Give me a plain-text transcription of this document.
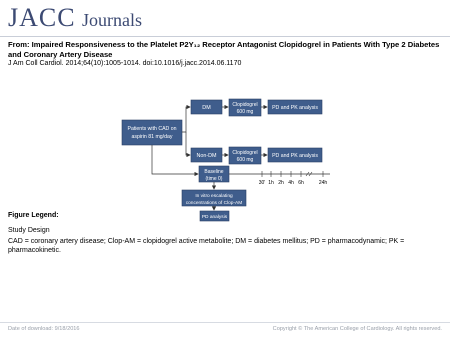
JACC Journals
From: Impaired Responsiveness to the Platelet P2Y₁₂ Receptor Antagonist Clopidogrel in Patients With Type 2 Diabetes and Coronary Artery Disease
J Am Coll Cardiol. 2014;64(10):1005-1014. doi:10.1016/j.jacc.2014.06.1170
Patients with CAD on
aspirin 81 mg/day
DM	Clopidogrel
600 mg
PD and PK analysis
Non-DM	Clopidogrel
600 mg
PD and PK analysis
Baseline
(time 0)
30' 1h 2h 4h 6h	24h
In vitro escalating
concentrations of Clop-AM
PD analysis
Figure Legend:
Study Design
CAD = coronary artery disease; Clop-AM = clopidogrel active metabolite; DM = diabetes mellitus; PD = pharmacodynamic; PK = pharmacokinetic.
Date of download: 9/18/2016	Copyright © The American College of Cardiology. All rights reserved.
